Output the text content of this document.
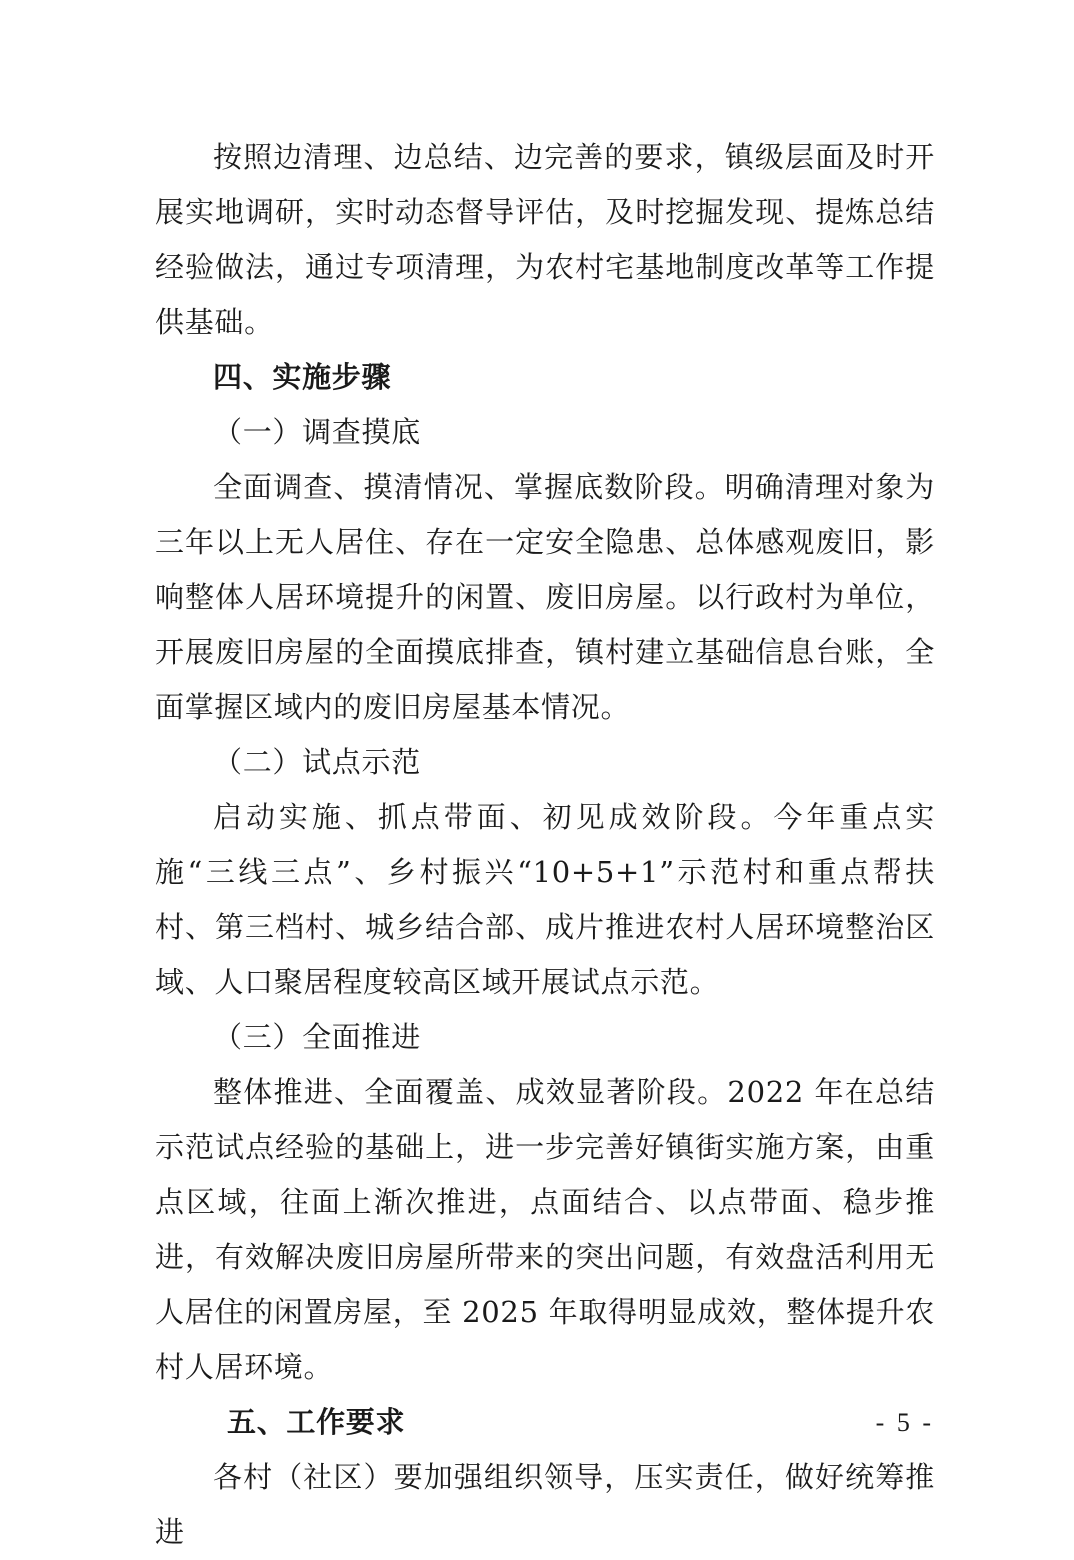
按照边清理、边总结、边完善的要求，镇级层面及时开展实地调研，实时动态督导评估，及时挖掘发现、提炼总结经验做法，通过专项清理，为农村宅基地制度改革等工作提供基础。

四、实施步骤

（一）调查摸底

全面调查、摸清情况、掌握底数阶段。明确清理对象为三年以上无人居住、存在一定安全隐患、总体感观废旧，影响整体人居环境提升的闲置、废旧房屋。以行政村为单位，开展废旧房屋的全面摸底排查，镇村建立基础信息台账，全面掌握区域内的废旧房屋基本情况。

（二）试点示范

启动实施、抓点带面、初见成效阶段。今年重点实施“三线三点”、乡村振兴“10+5+1”示范村和重点帮扶村、第三档村、城乡结合部、成片推进农村人居环境整治区域、人口聚居程度较高区域开展试点示范。

（三）全面推进

整体推进、全面覆盖、成效显著阶段。2022 年在总结示范试点经验的基础上，进一步完善好镇街实施方案，由重点区域，往面上渐次推进，点面结合、以点带面、稳步推进，有效解决废旧房屋所带来的突出问题，有效盘活利用无人居住的闲置房屋，至 2025 年取得明显成效，整体提升农村人居环境。

五、工作要求

各村（社区）要加强组织领导，压实责任，做好统筹推进

- 5 -
